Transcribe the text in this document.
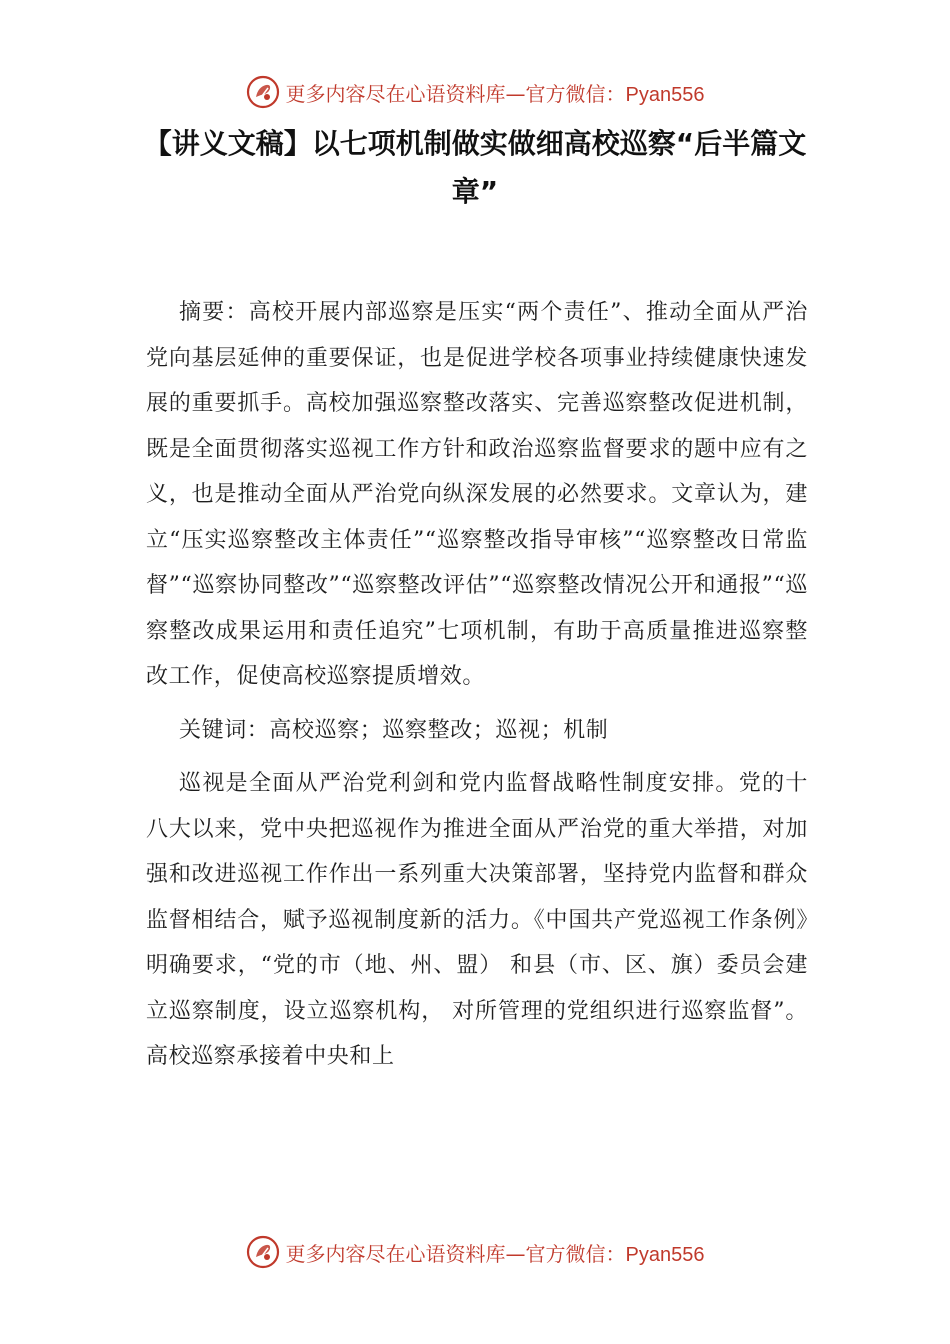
更多内容尽在心语资料库—官方微信：Pyan556
【讲义文稿】以七项机制做实做细高校巡察“后半篇文章”

摘要：高校开展内部巡察是压实“两个责任”、推动全面从严治党向基层延伸的重要保证，也是促进学校各项事业持续健康快速发展的重要抓手。高校加强巡察整改落实、完善巡察整改促进机制，既是全面贯彻落实巡视工作方针和政治巡察监督要求的题中应有之义，也是推动全面从严治党向纵深发展的必然要求。文章认为，建立“压实巡察整改主体责任”“巡察整改指导审核”“巡察整改日常监督”“巡察协同整改”“巡察整改评估”“巡察整改情况公开和通报”“巡察整改成果运用和责任追究”七项机制，有助于高质量推进巡察整改工作，促使高校巡察提质增效。

关键词：高校巡察；巡察整改；巡视；机制

巡视是全面从严治党利剑和党内监督战略性制度安排。党的十八大以来，党中央把巡视作为推进全面从严治党的重大举措，对加强和改进巡视工作作出一系列重大决策部署，坚持党内监督和群众监督相结合，赋予巡视制度新的活力。《中国共产党巡视工作条例》明确要求，“党的市（地、州、盟） 和县（市、区、旗）委员会建立巡察制度，设立巡察机构， 对所管理的党组织进行巡察监督”。高校巡察承接着中央和上

更多内容尽在心语资料库—官方微信：Pyan556
